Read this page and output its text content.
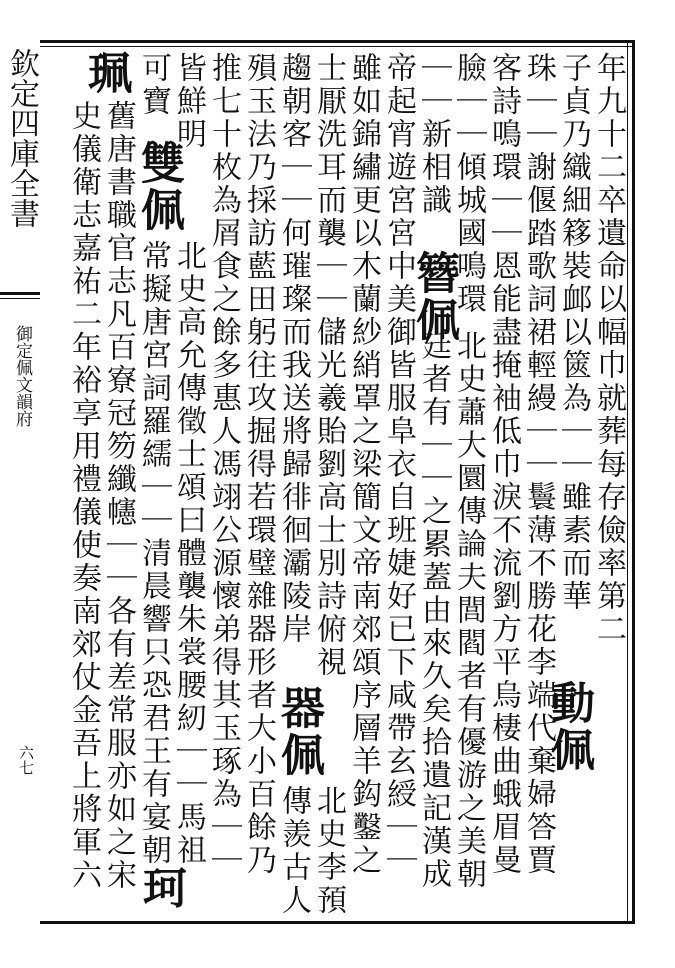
欽定四庫全書
御定佩文韻府
六七
年九十二卒遺命以幅巾就葬每存儉率第二
子貞乃織細簃裝䘏以篋為｜｜雖素而華
動佩
珠｜｜謝偃踏歌詞裙輕縵｜｜鬟薄不勝花李端代棄婦答賈
客詩鳴環｜｜恩能盡掩袖低巾淚不流劉方平烏棲曲蛾眉曼
臉｜｜傾城國鳴環
｜｜新相識
簪佩
北史蕭大圜傳論夫閭閻者有優游之美朝
廷者有｜｜之累蓋由來久矣拾遺記漢成
帝起宵遊宮宮中美御皆服阜衣自班婕好已下咸帶玄綬｜｜
雖如錦繡更以木蘭紗綃罩之梁簡文帝南郊頌序層羊鈎鑿之
士厭洗耳而襲｜｜儲光羲貽劉高士別詩俯視
趨朝客｜｜何璀璨而我送將歸徘徊灞陵岸
器佩
北史李預
傳羨古人
殞玉法乃採訪藍田躬往攻掘得若環璧雜器形者大小百餘乃
推七十枚為屑食之餘多惠人馮翊公源懷弟得其玉琢為｜｜
皆鮮明
可寶
雙佩
北史高允傳徵士頌曰體襲朱裳腰紉｜｜馬祖
常擬唐宮詞羅繻｜｜清晨響只恐君王有宴朝
珂
珮
舊唐書職官志凡百寮冠笏纖幰｜｜各有差常服亦如之宋
史儀衛志嘉祐二年裕享用禮儀使奏南郊仗金吾上將軍六
